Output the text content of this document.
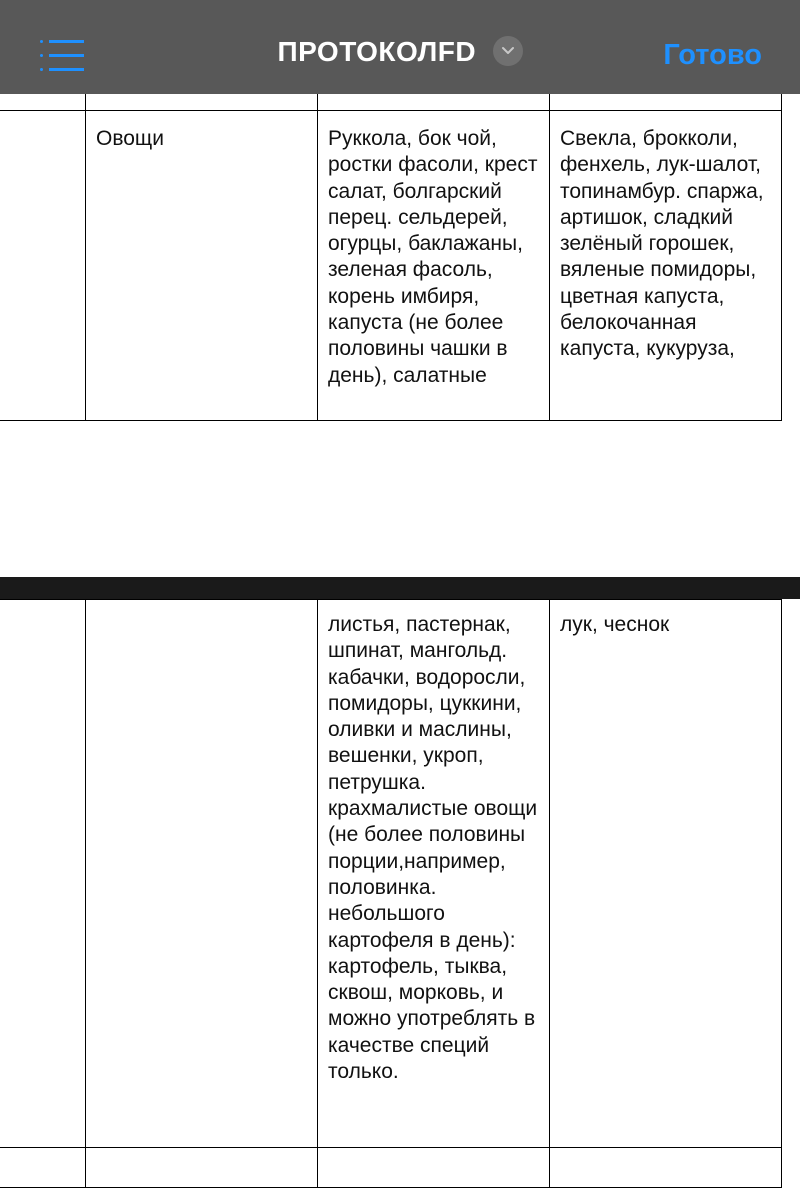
ПРОТОКОЛFD	Готово

	Овощи	Руккола, бок чой, ростки фасоли, крест салат, болгарский перец. сельдерей, огурцы, баклажаны, зеленая фасоль, корень имбиря, капуста (не более половины чашки в день), салатные	Свекла, брокколи, фенхель, лук-шалот, топинамбур. спаржа, артишок, сладкий зелёный горошек, вяленые помидоры, цветная капуста, белокочанная капуста, кукуруза,
		листья, пастернак, шпинат, мангольд. кабачки, водоросли, помидоры, цуккини, оливки и маслины, вешенки, укроп, петрушка. крахмалистые овощи (не более половины порции,например, половинка. небольшого картофеля в день): картофель, тыква, сквош, морковь, и можно употреблять в качестве специй только.	лук, чеснок
